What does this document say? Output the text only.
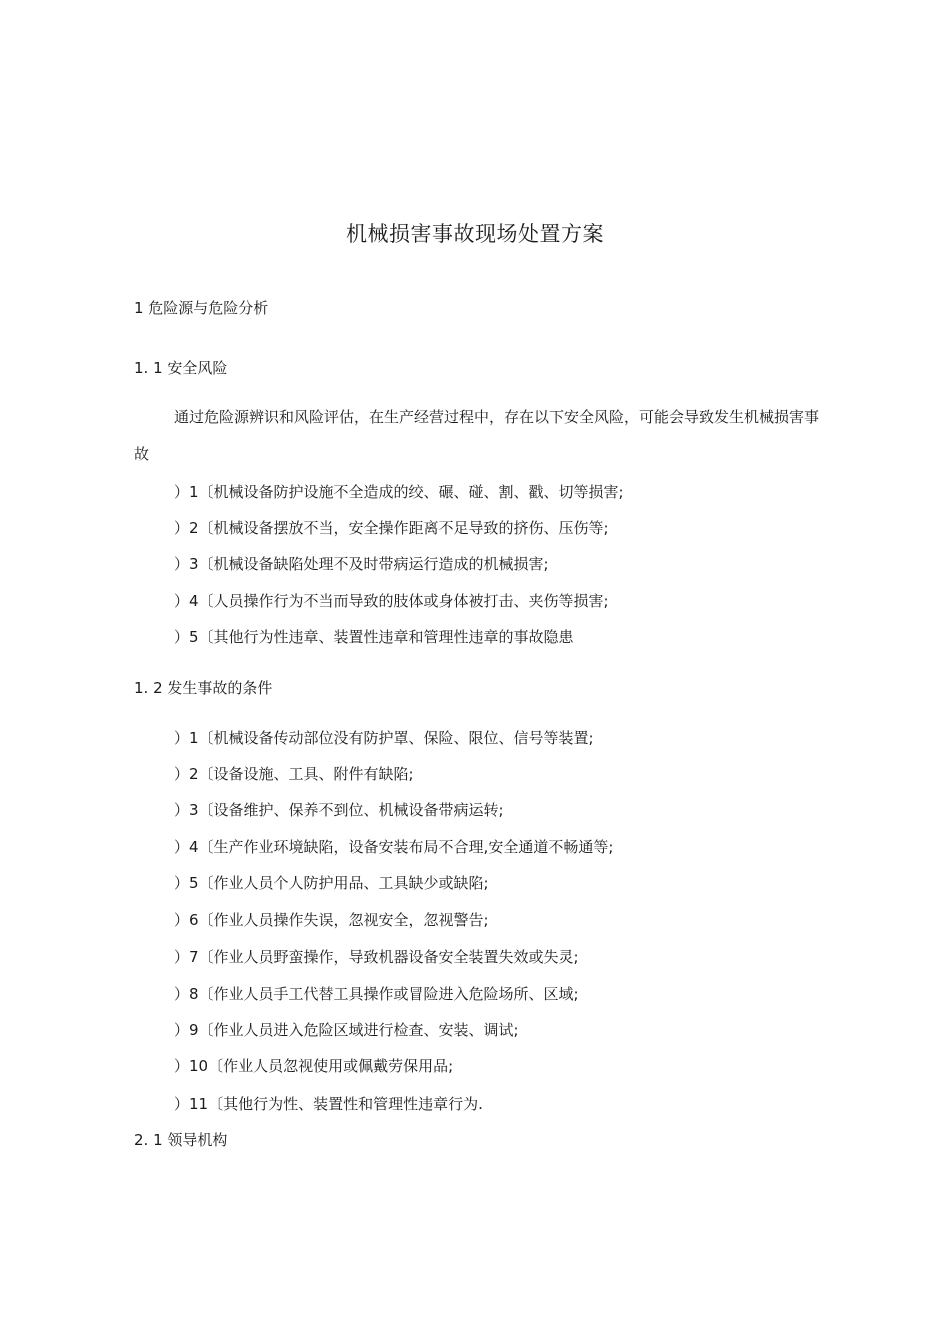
机械损害事故现场处置方案
1 危险源与危险分析
1. 1 安全风险
通过危险源辨识和风险评估，在生产经营过程中，存在以下安全风险，可能会导致发生机械损害事故
）1〔机械设备防护设施不全造成的绞、碾、碰、割、戳、切等损害;
）2〔机械设备摆放不当，安全操作距离不足导致的挤伤、压伤等;
）3〔机械设备缺陷处理不及时带病运行造成的机械损害;
）4〔人员操作行为不当而导致的肢体或身体被打击、夹伤等损害;
）5〔其他行为性违章、装置性违章和管理性违章的事故隐患
1. 2 发生事故的条件
）1〔机械设备传动部位没有防护罩、保险、限位、信号等装置;
）2〔设备设施、工具、附件有缺陷;
）3〔设备维护、保养不到位、机械设备带病运转;
）4〔生产作业环境缺陷，设备安装布局不合理,安全通道不畅通等;
）5〔作业人员个人防护用品、工具缺少或缺陷;
）6〔作业人员操作失误，忽视安全，忽视警告;
）7〔作业人员野蛮操作，导致机器设备安全装置失效或失灵;
）8〔作业人员手工代替工具操作或冒险进入危险场所、区域;
）9〔作业人员进入危险区域进行检查、安装、调试;
）10〔作业人员忽视使用或佩戴劳保用品;
）11〔其他行为性、装置性和管理性违章行为.
2. 1 领导机构
